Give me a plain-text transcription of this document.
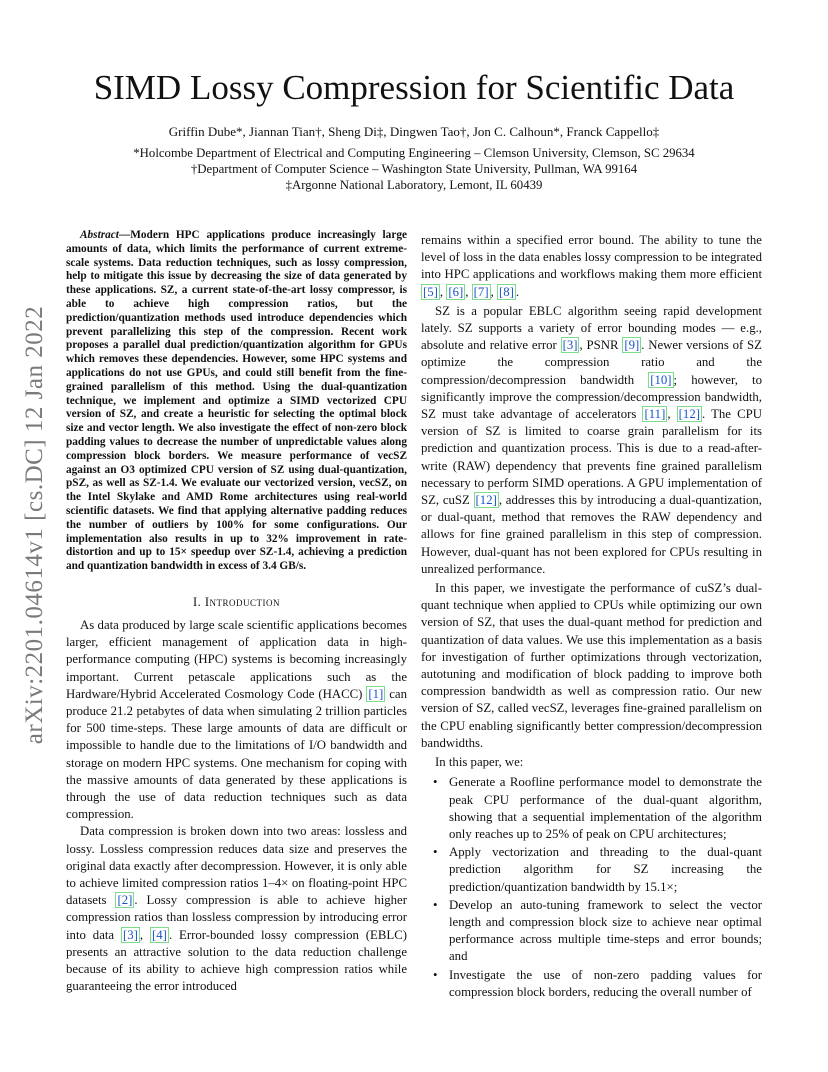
SIMD Lossy Compression for Scientific Data
Griffin Dube*, Jiannan Tian†, Sheng Di‡, Dingwen Tao†, Jon C. Calhoun*, Franck Cappello‡
*Holcombe Department of Electrical and Computing Engineering – Clemson University, Clemson, SC 29634
†Department of Computer Science – Washington State University, Pullman, WA 99164
‡Argonne National Laboratory, Lemont, IL 60439
arXiv:2201.04614v1 [cs.DC] 12 Jan 2022

Abstract—Modern HPC applications produce increasingly large amounts of data, which limits the performance of current extreme-scale systems. Data reduction techniques, such as lossy compression, help to mitigate this issue by decreasing the size of data generated by these applications. SZ, a current state-of-the-art lossy compressor, is able to achieve high compression ratios, but the prediction/quantization methods used introduce dependencies which prevent parallelizing this step of the compression. Recent work proposes a parallel dual prediction/quantization algorithm for GPUs which removes these dependencies. However, some HPC systems and applications do not use GPUs, and could still benefit from the fine-grained parallelism of this method. Using the dual-quantization technique, we implement and optimize a SIMD vectorized CPU version of SZ, and create a heuristic for selecting the optimal block size and vector length. We also investigate the effect of non-zero block padding values to decrease the number of unpredictable values along compression block borders. We measure performance of vecSZ against an O3 optimized CPU version of SZ using dual-quantization, pSZ, as well as SZ-1.4. We evaluate our vectorized version, vecSZ, on the Intel Skylake and AMD Rome architectures using real-world scientific datasets. We find that applying alternative padding reduces the number of outliers by 100% for some configurations. Our implementation also results in up to 32% improvement in rate-distortion and up to 15× speedup over SZ-1.4, achieving a prediction and quantization bandwidth in excess of 3.4 GB/s.

I. Introduction

As data produced by large scale scientific applications becomes larger, efficient management of application data in high-performance computing (HPC) systems is becoming increasingly important. Current petascale applications such as the Hardware/Hybrid Accelerated Cosmology Code (HACC) [1] can produce 21.2 petabytes of data when simulating 2 trillion particles for 500 time-steps. These large amounts of data are difficult or impossible to handle due to the limitations of I/O bandwidth and storage on modern HPC systems. One mechanism for coping with the massive amounts of data generated by these applications is through the use of data reduction techniques such as data compression.

Data compression is broken down into two areas: lossless and lossy. Lossless compression reduces data size and preserves the original data exactly after decompression. However, it is only able to achieve limited compression ratios 1–4× on floating-point HPC datasets [2] . Lossy compression is able to achieve higher compression ratios than lossless compression by introducing error into data [3] , [4] . Error-bounded lossy compression (EBLC) presents an attractive solution to the data reduction challenge because of its ability to achieve high compression ratios while guaranteeing the error introduced

remains within a specified error bound. The ability to tune the level of loss in the data enables lossy compression to be integrated into HPC applications and workflows making them more efficient [5] , [6] , [7] , [8] .

SZ is a popular EBLC algorithm seeing rapid development lately. SZ supports a variety of error bounding modes — e.g., absolute and relative error [3] , PSNR [9] . Newer versions of SZ optimize the compression ratio and the compression/decompression bandwidth [10] ; however, to significantly improve the compression/decompression bandwidth, SZ must take advantage of accelerators [11] , [12] . The CPU version of SZ is limited to coarse grain parallelism for its prediction and quantization process. This is due to a read-after-write (RAW) dependency that prevents fine grained parallelism necessary to perform SIMD operations. A GPU implementation of SZ, cuSZ [12] , addresses this by introducing a dual-quantization, or dual-quant, method that removes the RAW dependency and allows for fine grained parallelism in this step of compression. However, dual-quant has not been explored for CPUs resulting in unrealized performance.

In this paper, we investigate the performance of cuSZ’s dual-quant technique when applied to CPUs while optimizing our own version of SZ, that uses the dual-quant method for prediction and quantization of data values. We use this implementation as a basis for investigation of further optimizations through vectorization, autotuning and modification of block padding to improve both compression bandwidth as well as compression ratio. Our new version of SZ, called vecSZ, leverages fine-grained parallelism on the CPU enabling significantly better compression/decompression bandwidths.

In this paper, we:

• Generate a Roofline performance model to demonstrate the peak CPU performance of the dual-quant algorithm, showing that a sequential implementation of the algorithm only reaches up to 25% of peak on CPU architectures;
• Apply vectorization and threading to the dual-quant prediction algorithm for SZ increasing the prediction/quantization bandwidth by 15.1×;
• Develop an auto-tuning framework to select the vector length and compression block size to achieve near optimal performance across multiple time-steps and error bounds; and
• Investigate the use of non-zero padding values for compression block borders, reducing the overall number of
